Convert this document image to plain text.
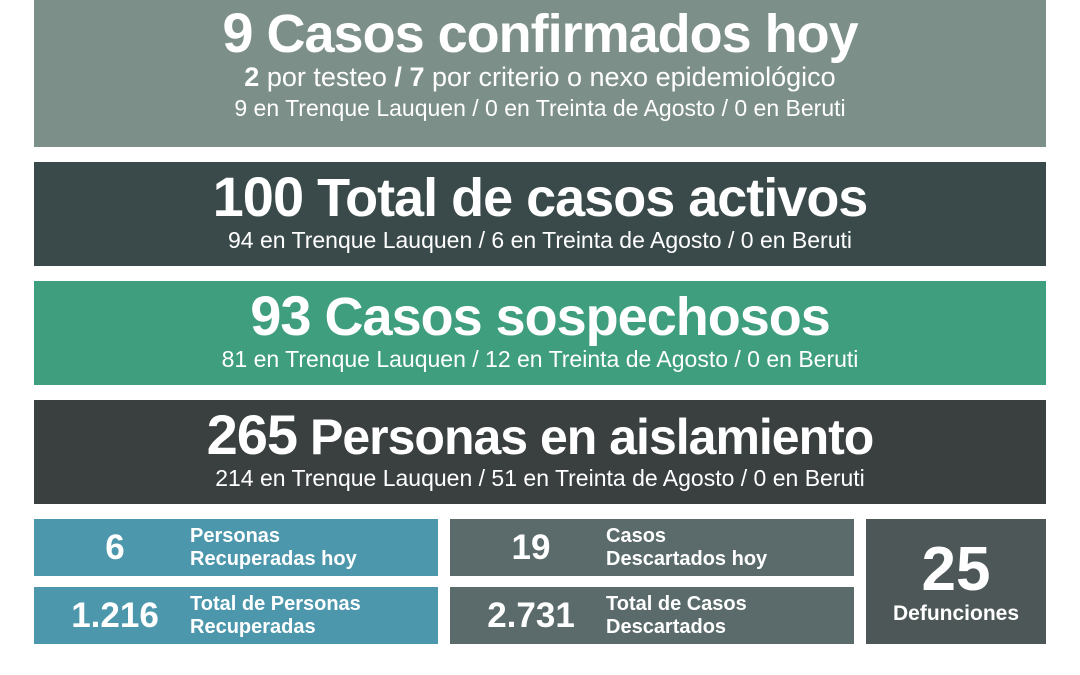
9 Casos confirmados hoy
2 por testeo / 7 por criterio o nexo epidemiológico
9 en Trenque Lauquen / 0 en Treinta de Agosto / 0 en Beruti
100 Total de casos activos
94 en Trenque Lauquen / 6 en Treinta de Agosto / 0 en Beruti
93 Casos sospechosos
81 en Trenque Lauquen / 12 en Treinta de Agosto / 0 en Beruti
265 Personas en aislamiento
214 en Trenque Lauquen / 51 en Treinta de Agosto / 0 en Beruti
6	Personas
Recuperadas hoy
1.216	Total de Personas
Recuperadas
19	Casos
Descartados hoy
2.731	Total de Casos
Descartados
25
Defunciones
